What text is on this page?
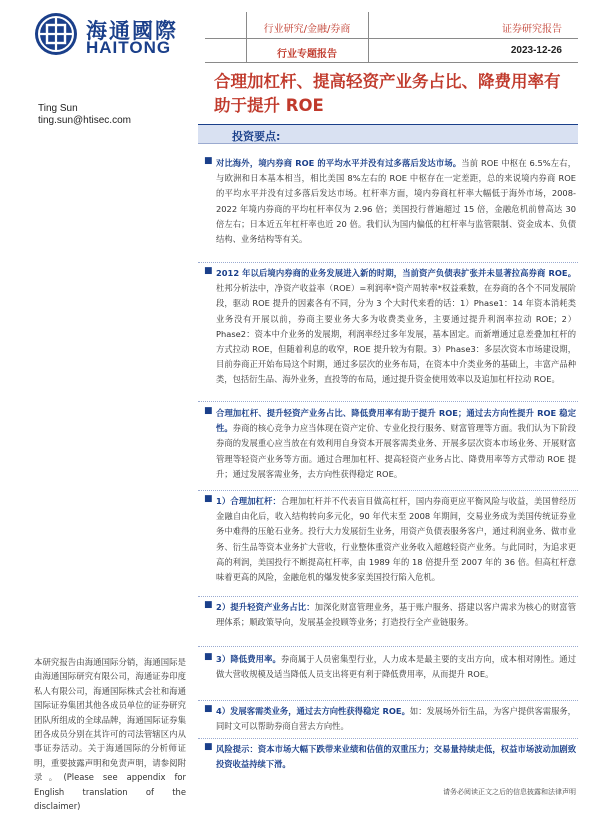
海通國際
HAITONG
行业研究/金融/券商
行业专题报告
证券研究报告
2023-12-26
合理加杠杆、提高轻资产业务占比、降费用率有助于提升 ROE
Ting Sun
ting.sun@htisec.com
投资要点:
■ 对比海外，境内券商 ROE 的平均水平并没有过多落后发达市场。当前 ROE 中枢在 6.5%左右，与欧洲和日本基本相当，相比美国 8%左右的 ROE 中枢存在一定差距，总的来说境内券商 ROE 的平均水平并没有过多落后发达市场。杠杆率方面，境内券商杠杆率大幅低于海外市场，2008-2022 年境内券商的平均杠杆率仅为 2.96 倍；美国投行普遍超过 15 倍，金融危机前曾高达 30 倍左右；日本近五年杠杆率也近 20 倍。我们认为国内偏低的杠杆率与监管限制、资金成本、负债结构、业务结构等有关。
■ 2012 年以后境内券商的业务发展进入新的时期，当前资产负债表扩张并未显著拉高券商 ROE。杜邦分析法中，净资产收益率（ROE）=利润率*资产周转率*权益乘数，在券商的各个不同发展阶段，驱动 ROE 提升的因素各有不同，分为 3 个大时代来看的话：1）Phase1：14 年资本消耗类业务没有开展以前，券商主要业务大多为收费类业务，主要通过提升利润率拉动 ROE；2）Phase2：资本中介业务的发展期，利润率经过多年发展，基本固定。而新增通过息差叠加杠杆的方式拉动 ROE，但随着利息的收窄，ROE 提升较为有限。3）Phase3：多层次资本市场建设期，目前券商正开始布局这个时期，通过多层次的业务布局，在资本中介类业务的基础上，丰富产品种类，包括衍生品、海外业务，直投等的布局，通过提升资金使用效率以及追加杠杆拉动 ROE。
■ 合理加杠杆、提升轻资产业务占比、降低费用率有助于提升 ROE；通过去方向性提升 ROE 稳定性。券商的核心竞争力应当体现在资产定价、专业化投行服务、财富管理等方面。我们认为下阶段券商的发展重心应当放在有效利用自身资本开展客需类业务、开展多层次资本市场业务、开展财富管理等轻资产业务等方面。通过合理加杠杆、提高轻资产业务占比、降费用率等方式带动 ROE 提升；通过发展客需业务，去方向性获得稳定 ROE。
■ 1）合理加杠杆：合理加杠杆并不代表盲目做高杠杆，国内券商更应平衡风险与收益，美国曾经历金融自由化后，收入结构转向多元化，90 年代末至 2008 年期间，交易业务成为美国传统证券业务中难得的压舱石业务。投行大力发展衍生业务，用资产负债表服务客户，通过利润业务、做市业务、衍生品等资本业务扩大营收，行业整体重资产业务收入超越轻资产业务。与此同时，为追求更高的利润，美国投行不断提高杠杆率，由 1989 年的 18 倍提升至 2007 年的 36 倍。但高杠杆意味着更高的风险，金融危机的爆发使多家美国投行陷入危机。
■ 2）提升轻资产业务占比：加深化财富管理业务，基于账户服务、搭建以客户需求为核心的财富管理体系；顺政策导向，发展基金投顾等业务；打造投行全产业链服务。
■ 3）降低费用率。券商属于人员密集型行业，人力成本是最主要的支出方向，成本相对刚性。通过做大营收规模及适当降低人员支出将更有利于降低费用率，从而提升 ROE。
■ 4）发展客需类业务，通过去方向性获得稳定 ROE。如：发展场外衍生品，为客户提供客需服务，同时文可以帮助券商自营去方向性。
■ 风险提示：资本市场大幅下跌带来业绩和估值的双重压力；交易量持续走低，权益市场波动加剧致投资收益持续下滑。
本研究报告由海通国际分销，海通国际是由海通国际研究有限公司，海通证券印度私人有限公司，海通国际株式会社和海通国际证券集团其他各成员单位的证券研究团队所组成的全球品牌，海通国际证券集团各成员分别在其许可的司法管辖区内从事证券活动。关于海通国际的分析师证明，重要披露声明和免责声明，请参阅附录。(Please see appendix for English translation of the disclaimer)
请务必阅读正文之后的信息披露和法律声明
